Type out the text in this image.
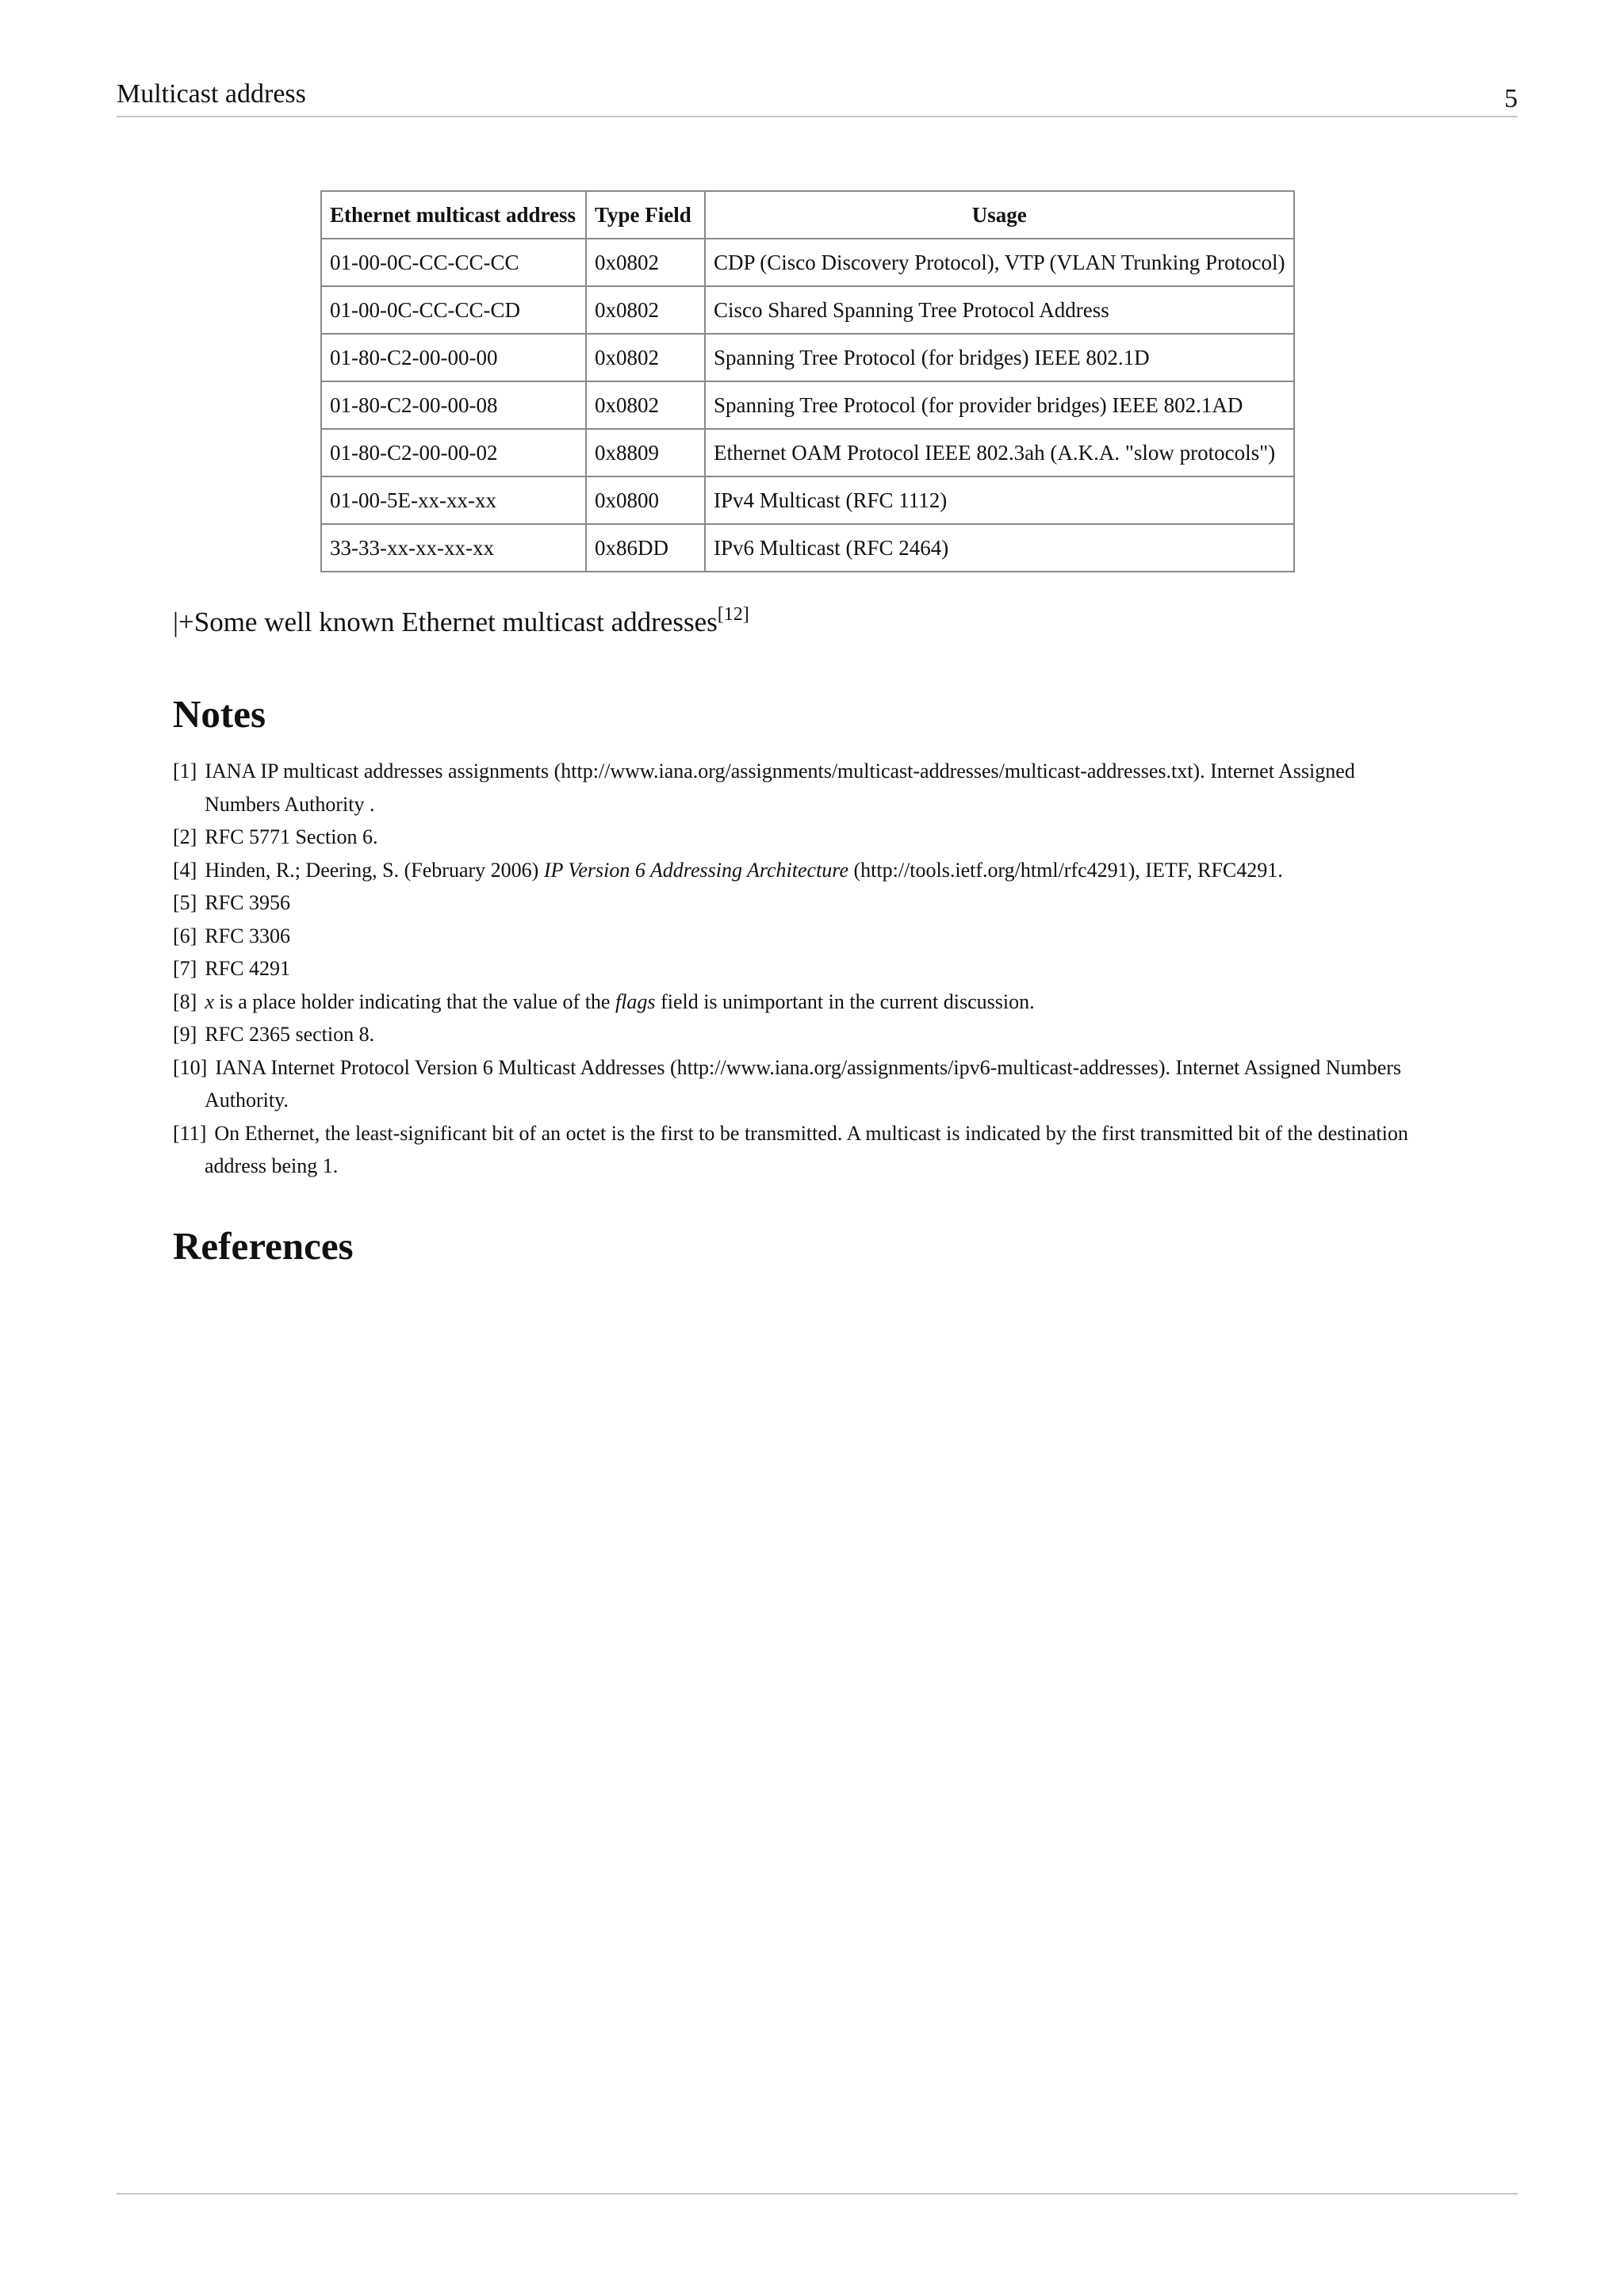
Multicast address	5
Ethernet multicast address	Type Field	Usage
01-00-0C-CC-CC-CC	0x0802	CDP (Cisco Discovery Protocol), VTP (VLAN Trunking Protocol)
01-00-0C-CC-CC-CD	0x0802	Cisco Shared Spanning Tree Protocol Address
01-80-C2-00-00-00	0x0802	Spanning Tree Protocol (for bridges) IEEE 802.1D
01-80-C2-00-00-08	0x0802	Spanning Tree Protocol (for provider bridges) IEEE 802.1AD
01-80-C2-00-00-02	0x8809	Ethernet OAM Protocol IEEE 802.3ah (A.K.A. "slow protocols")
01-00-5E-xx-xx-xx	0x0800	IPv4 Multicast (RFC 1112)
33-33-xx-xx-xx-xx	0x86DD	IPv6 Multicast (RFC 2464)
|+Some well known Ethernet multicast addresses[12]
Notes
[1] IANA IP multicast addresses assignments (http://www.iana.org/assignments/multicast-addresses/multicast-addresses.txt). Internet Assigned Numbers Authority .
[2] RFC 5771 Section 6.
[4] Hinden, R.; Deering, S. (February 2006) IP Version 6 Addressing Architecture (http://tools.ietf.org/html/rfc4291), IETF, RFC4291.
[5] RFC 3956
[6] RFC 3306
[7] RFC 4291
[8] x is a place holder indicating that the value of the flags field is unimportant in the current discussion.
[9] RFC 2365 section 8.
[10] IANA Internet Protocol Version 6 Multicast Addresses (http://www.iana.org/assignments/ipv6-multicast-addresses). Internet Assigned Numbers Authority.
[11] On Ethernet, the least-significant bit of an octet is the first to be transmitted. A multicast is indicated by the first transmitted bit of the destination address being 1.
References
